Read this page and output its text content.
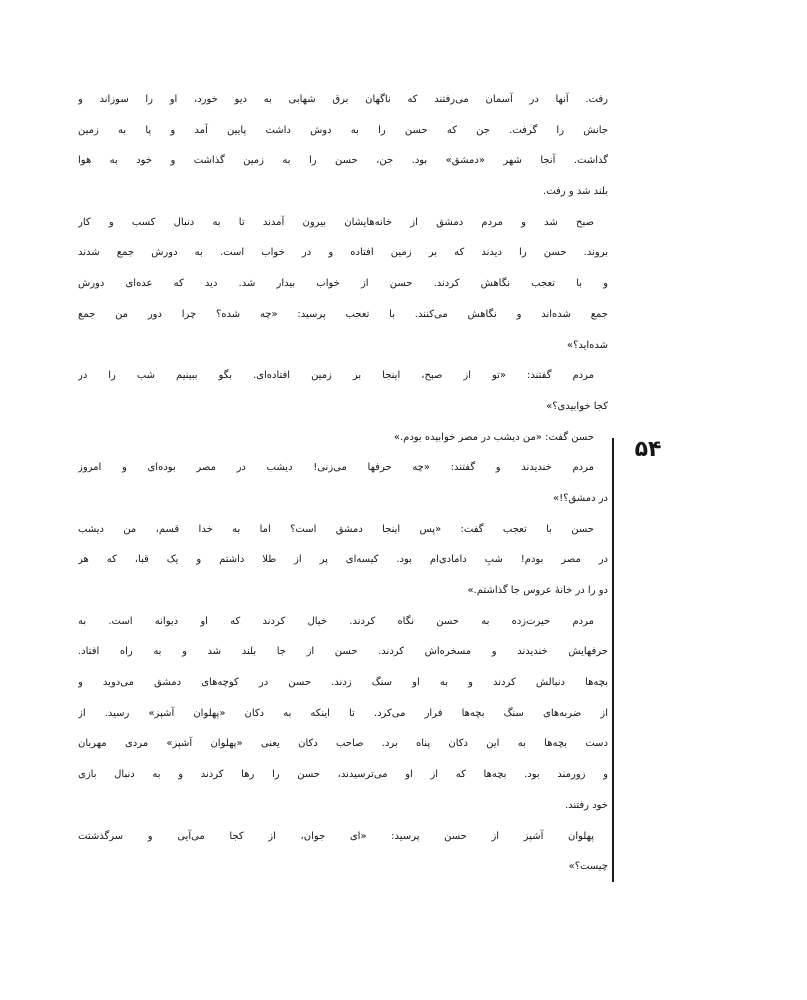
رفت. آنها در آسمان می‌رفتند که ناگهان برق شهابی به دیو خورد، او را سوزاند و
جانش را گرفت. جن که حسن را به دوش داشت پایین آمد و پا به زمین
گذاشت. آنجا شهر «دمشق» بود. جن، حسن را به زمین گذاشت و خود به هوا
بلند شد و رفت.
صبح شد و مردم دمشق از خانه‌هایشان بیرون آمدند تا به دنبال کسب و کار
بروند. حسن را دیدند که بر زمین افتاده و در خواب است. به دورش جمع شدند
و با تعجب نگاهش کردند. حسن از خواب بیدار شد. دید که عده‌ای دورش
جمع شده‌اند و نگاهش می‌کنند. با تعجب پرسید: «چه شده؟ چرا دور من جمع
شده‌اید؟»
مردم گفتند: «تو از صبح، اینجا بر زمین افتاده‌ای. بگو ببینیم شب را در
کجا خوابیدی؟»
حسن گفت: «من دیشب در مصر خوابیده بودم.»
مردم خندیدند و گفتند: «چه حرفها می‌زنی! دیشب در مصر بوده‌ای و امروز
در دمشق؟!»
حسن با تعجب گفت: «پس اینجا دمشق است؟ اما به خدا قسم، من دیشب
در مصر بودم! شبِ دامادی‌ام بود. کیسه‌ای پر از طلا داشتم و یک قبا، که هر
دو را در خانهٔ عروس جا گذاشتم.»
مردم حیرت‌زده به حسن نگاه کردند. خیال کردند که او دیوانه است. به
حرفهایش خندیدند و مسخره‌اش کردند. حسن از جا بلند شد و به راه افتاد.
بچه‌ها دنبالش کردند و به او سنگ زدند. حسن در کوچه‌های دمشق می‌دوید و
از ضربه‌های سنگ بچه‌ها فرار می‌کرد. تا اینکه به دکان «پهلوان آشپز» رسید. از
دست بچه‌ها به این دکان پناه برد. صاحب دکان یعنی «پهلوان آشپز» مردی مهربان
و زورمند بود. بچه‌ها که از او می‌ترسیدند، حسن را رها کردند و به دنبال بازی
خود رفتند.
پهلوان آشپز از حسن پرسید: «ای جوان، از کجا می‌آیی و سرگذشتت
چیست؟»
۵۴
